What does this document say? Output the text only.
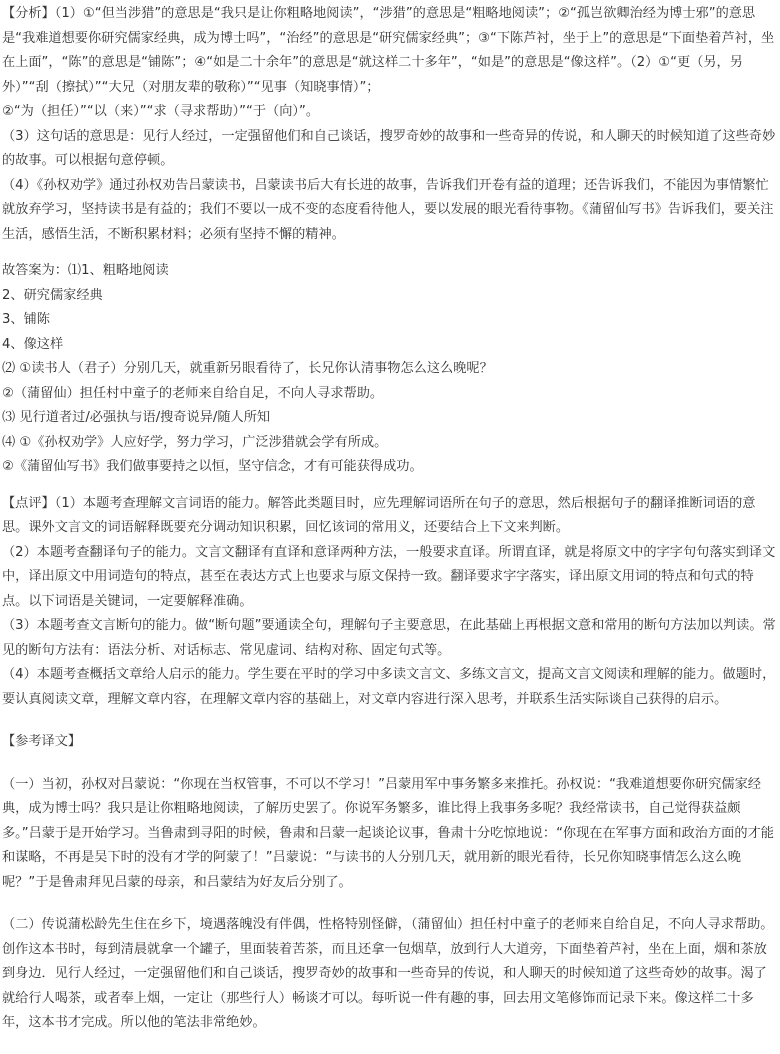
【分析】（1）①“但当涉猎”的意思是“我只是让你粗略地阅读”，“涉猎”的意思是“粗略地阅读”；②“孤岂欲卿治经为博士邪”的意思是“我难道想要你研究儒家经典，成为博士吗”，“治经”的意思是“研究儒家经典”；③“下陈芦衬，坐于上”的意思是“下面垫着芦衬，坐在上面”，“陈”的意思是“铺陈”；④“如是二十余年”的意思是“就这样二十多年”，“如是”的意思是“像这样”。（2）①“更（另，另外）”“刮（擦拭）”“大兄（对朋友辈的敬称）”“见事（知晓事情）”；

②“为（担任）”“以（来）”“求（寻求帮助）”“于（向）”。

（3）这句话的意思是：见行人经过，一定强留他们和自己谈话，搜罗奇妙的故事和一些奇异的传说，和人聊天的时候知道了这些奇妙的故事。可以根据句意停顿。

（4）《孙权劝学》通过孙权劝告吕蒙读书，吕蒙读书后大有长进的故事，告诉我们开卷有益的道理；还告诉我们，不能因为事情繁忙就放弃学习，坚持读书是有益的；我们不要以一成不变的态度看待他人，要以发展的眼光看待事物。《蒲留仙写书》告诉我们，要关注生活，感悟生活，不断积累材料；必须有坚持不懈的精神。

故答案为：⑴1、粗略地阅读

2、研究儒家经典

3、铺陈

4、像这样

⑵ ①读书人（君子）分别几天，就重新另眼看待了，长兄你认清事物怎么这么晚呢？

②（蒲留仙）担任村中童子的老师来自给自足，不向人寻求帮助。

⑶ 见行道者过/必强执与语/搜奇说异/随人所知

⑷ ①《孙权劝学》人应好学，努力学习，广泛涉猎就会学有所成。

②《蒲留仙写书》我们做事要持之以恒，坚守信念，才有可能获得成功。

【点评】（1）本题考查理解文言词语的能力。解答此类题目时，应先理解词语所在句子的意思，然后根据句子的翻译推断词语的意思。课外文言文的词语解释既要充分调动知识积累，回忆该词的常用义，还要结合上下文来判断。

（2）本题考查翻译句子的能力。文言文翻译有直译和意译两种方法，一般要求直译。所谓直译，就是将原文中的字字句句落实到译文中，译出原文中用词造句的特点，甚至在表达方式上也要求与原文保持一致。翻译要求字字落实，译出原文用词的特点和句式的特点。以下词语是关键词，一定要解释准确。

（3）本题考查文言断句的能力。做“断句题”要通读全句，理解句子主要意思，在此基础上再根据文意和常用的断句方法加以判读。常见的断句方法有：语法分析、对话标志、常见虚词、结构对称、固定句式等。

（4）本题考查概括文章给人启示的能力。学生要在平时的学习中多读文言文、多练文言文，提高文言文阅读和理解的能力。做题时，要认真阅读文章，理解文章内容，在理解文章内容的基础上，对文章内容进行深入思考，并联系生活实际谈自己获得的启示。

【参考译文】

（一）当初，孙权对吕蒙说：“你现在当权管事，不可以不学习！”吕蒙用军中事务繁多来推托。孙权说：“我难道想要你研究儒家经典，成为博士吗？我只是让你粗略地阅读，了解历史罢了。你说军务繁多，谁比得上我事务多呢？我经常读书，自己觉得获益颇多。”吕蒙于是开始学习。当鲁肃到寻阳的时候，鲁肃和吕蒙一起谈论议事，鲁肃十分吃惊地说：“你现在在军事方面和政治方面的才能和谋略，不再是吴下时的没有才学的阿蒙了！”吕蒙说：“与读书的人分别几天，就用新的眼光看待，长兄你知晓事情怎么这么晚呢？”于是鲁肃拜见吕蒙的母亲，和吕蒙结为好友后分别了。

（二）传说蒲松龄先生住在乡下，境遇落魄没有伴偶，性格特别怪僻，（蒲留仙）担任村中童子的老师来自给自足，不向人寻求帮助。创作这本书时，每到清晨就拿一个罐子，里面装着苦茶，而且还拿一包烟草，放到行人大道旁，下面垫着芦衬，坐在上面，烟和茶放到身边．见行人经过，一定强留他们和自己谈话，搜罗奇妙的故事和一些奇异的传说，和人聊天的时候知道了这些奇妙的故事。渴了就给行人喝茶，或者奉上烟，一定让（那些行人）畅谈才可以。每听说一件有趣的事，回去用文笔修饰而记录下来。像这样二十多年，这本书才完成。所以他的笔法非常绝妙。
